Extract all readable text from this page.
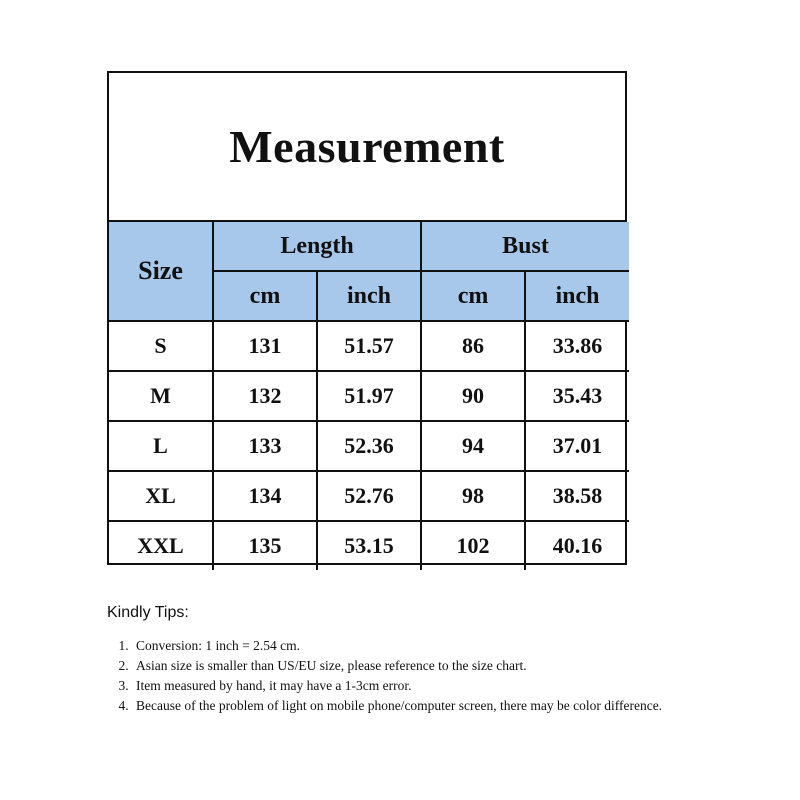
Measurement
Size	Length		Bust	
	cm	inch	cm	inch
S	131	51.57	86	33.86
M	132	51.97	90	35.43
L	133	52.36	94	37.01
XL	134	52.76	98	38.58
XXL	135	53.15	102	40.16
Kindly Tips:
1. Conversion: 1 inch = 2.54 cm.
2. Asian size is smaller than US/EU size, please reference to the size chart.
3. Item measured by hand, it may have a 1-3cm error.
4. Because of the problem of light on mobile phone/computer screen, there may be color difference.
